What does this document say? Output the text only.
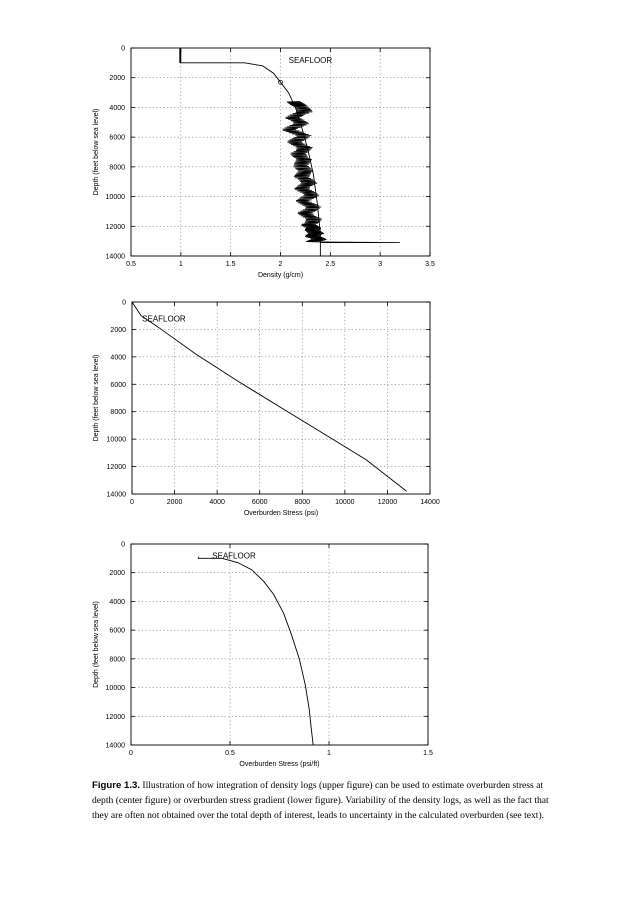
0.5	1	1.5	2	2.5	3	3.5
0
2000
4000
6000
8000
10000
12000
14000
Density (g/cm)
Depth (feet below sea level)
SEAFLOOR
0	2000	4000	6000	8000	10000	12000	14000
0
2000
4000
6000
8000
10000
12000
14000
Overburden Stress (psi)
Depth (feet below sea level)
SEAFLOOR
0	0.5	1	1.5
0
2000
4000
6000
8000
10000
12000
14000
Overburden Stress (psi/ft)
Depth (feet below sea level)
SEAFLOOR
Figure 1.3. Illustration of how integration of density logs (upper figure) can be used to estimate overburden stress at depth (center figure) or overburden stress gradient (lower figure). Variability of the density logs, as well as the fact that they are often not obtained over the total depth of interest, leads to uncertainty in the calculated overburden (see text).
